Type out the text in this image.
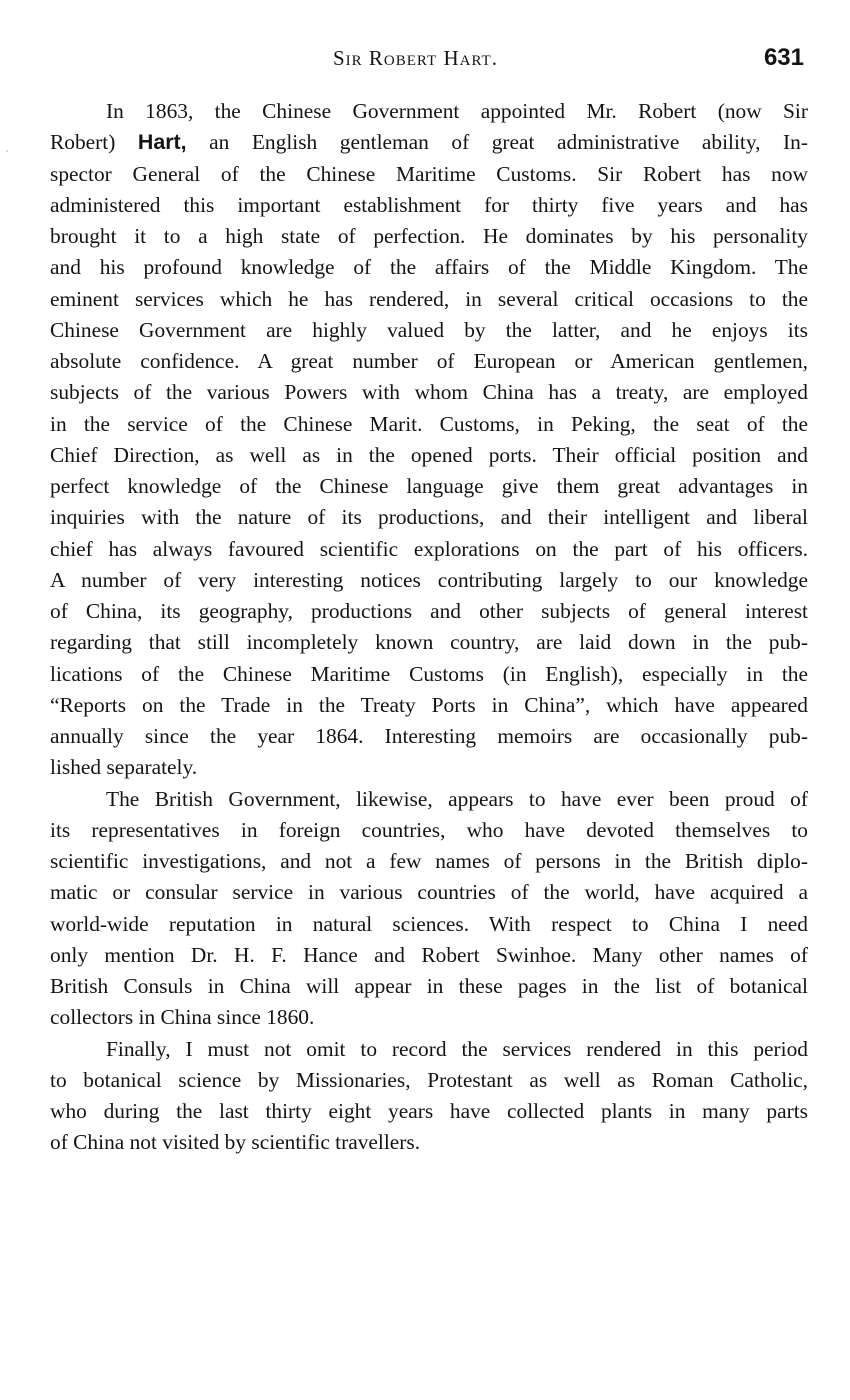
Sir Robert Hart.	631

In 1863, the Chinese Government appointed Mr. Robert (now Sir
Robert) Hart, an English gentleman of great administrative ability, In-
spector General of the Chinese Maritime Customs. Sir Robert has now
administered this important establishment for thirty five years and has
brought it to a high state of perfection. He dominates by his personality
and his profound knowledge of the affairs of the Middle Kingdom. The
eminent services which he has rendered, in several critical occasions to the
Chinese Government are highly valued by the latter, and he enjoys its
absolute confidence. A great number of European or American gentlemen,
subjects of the various Powers with whom China has a treaty, are employed
in the service of the Chinese Marit. Customs, in Peking, the seat of the
Chief Direction, as well as in the opened ports. Their official position and
perfect knowledge of the Chinese language give them great advantages in
inquiries with the nature of its productions, and their intelligent and liberal
chief has always favoured scientific explorations on the part of his officers.
A number of very interesting notices contributing largely to our knowledge
of China, its geography, productions and other subjects of general interest
regarding that still incompletely known country, are laid down in the pub-
lications of the Chinese Maritime Customs (in English), especially in the
“Reports on the Trade in the Treaty Ports in China”, which have appeared
annually since the year 1864. Interesting memoirs are occasionally pub-
lished separately.

The British Government, likewise, appears to have ever been proud of
its representatives in foreign countries, who have devoted themselves to
scientific investigations, and not a few names of persons in the British diplo-
matic or consular service in various countries of the world, have acquired a
world-wide reputation in natural sciences. With respect to China I need
only mention Dr. H. F. Hance and Robert Swinhoe. Many other names of
British Consuls in China will appear in these pages in the list of botanical
collectors in China since 1860.

Finally, I must not omit to record the services rendered in this period
to botanical science by Missionaries, Protestant as well as Roman Catholic,
who during the last thirty eight years have collected plants in many parts
of China not visited by scientific travellers.
